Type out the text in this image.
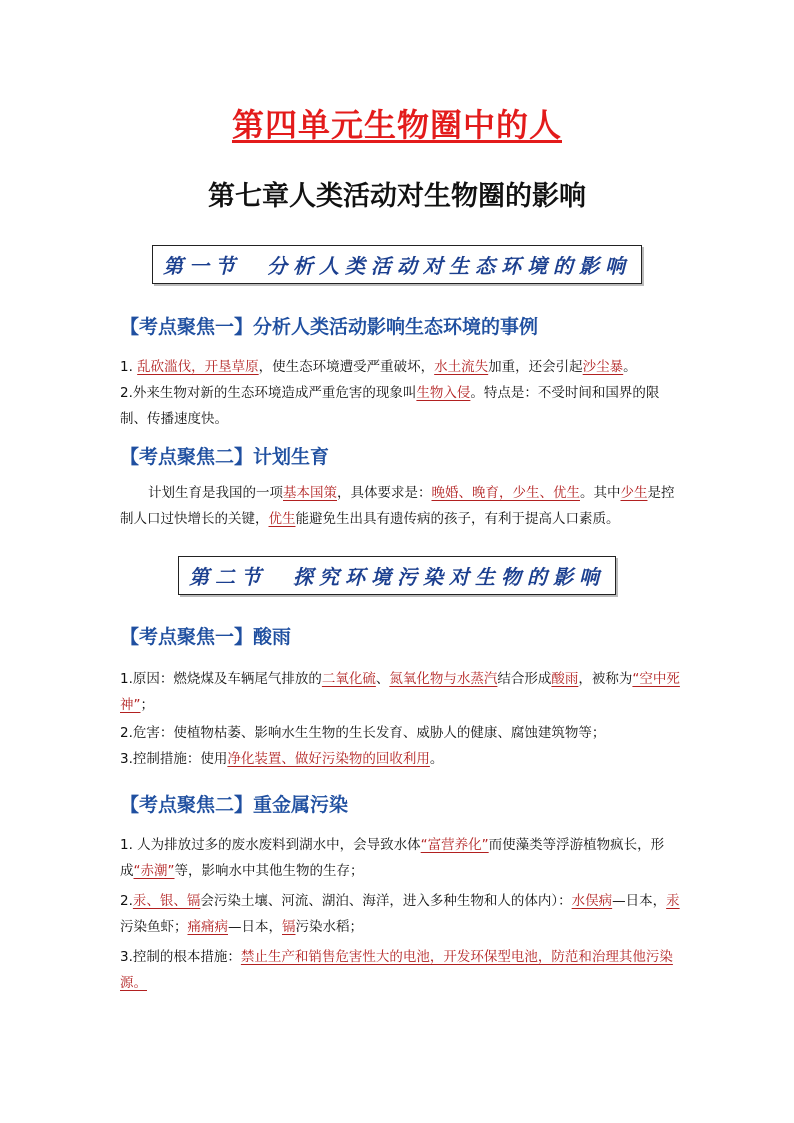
第四单元生物圈中的人
第七章人类活动对生物圈的影响
第一节　分析人类活动对生态环境的影响
【考点聚焦一】分析人类活动影响生态环境的事例
1. 乱砍滥伐，开垦草原，使生态环境遭受严重破坏，水土流失加重，还会引起沙尘暴。
2.外来生物对新的生态环境造成严重危害的现象叫生物入侵。特点是：不受时间和国界的限制、传播速度快。
【考点聚焦二】计划生育
计划生育是我国的一项基本国策，具体要求是：晚婚、晚育，少生、优生。其中少生是控制人口过快增长的关键，优生能避免生出具有遗传病的孩子，有利于提高人口素质。
第二节　探究环境污染对生物的影响
【考点聚焦一】酸雨
1.原因：燃烧煤及车辆尾气排放的二氧化硫、氮氧化物与水蒸汽结合形成酸雨，被称为“空中死神”；
2.危害：使植物枯萎、影响水生生物的生长发育、威胁人的健康、腐蚀建筑物等；
3.控制措施：使用净化装置、做好污染物的回收利用。
【考点聚焦二】重金属污染
1. 人为排放过多的废水废料到湖水中，会导致水体“富营养化”而使藻类等浮游植物疯长，形成“赤潮”等，影响水中其他生物的生存；
2.汞、银、镉会污染土壤、河流、湖泊、海洋，进入多种生物和人的体内）：水俣病—日本，汞污染鱼虾；痛痛病—日本，镉污染水稻；
3.控制的根本措施：禁止生产和销售危害性大的电池，开发环保型电池，防范和治理其他污染源。
